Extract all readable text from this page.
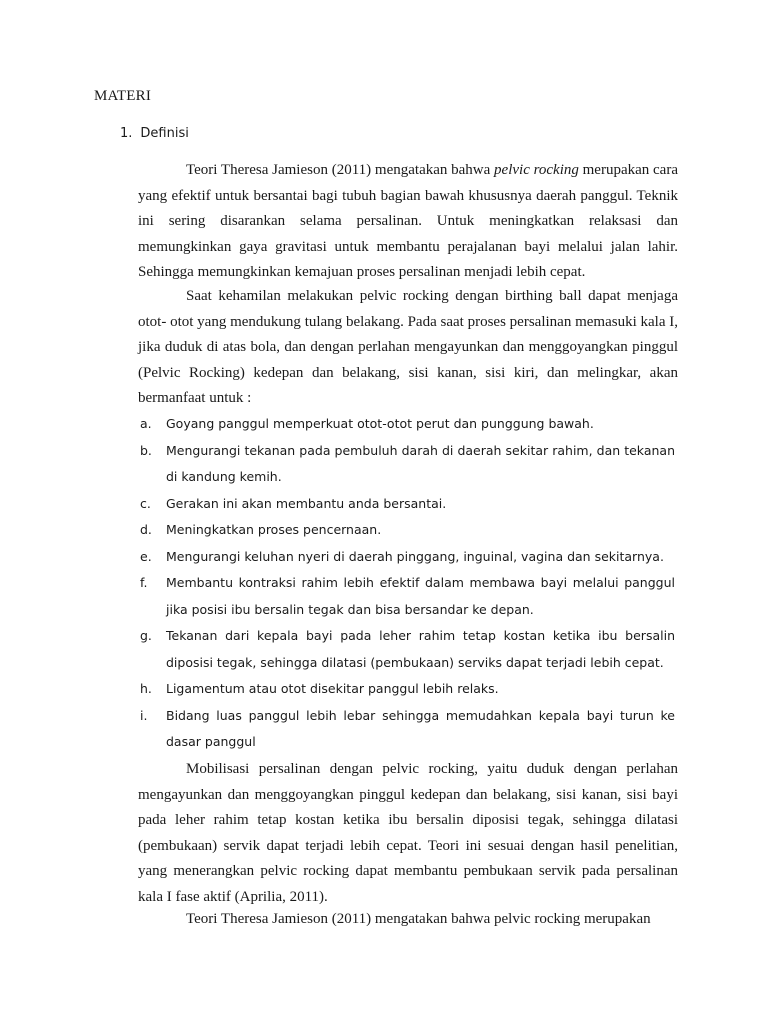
MATERI
1. Definisi

Teori Theresa Jamieson (2011) mengatakan bahwa pelvic rocking merupakan cara yang efektif untuk bersantai bagi tubuh bagian bawah khususnya daerah panggul. Teknik ini sering disarankan selama persalinan. Untuk meningkatkan relaksasi dan memungkinkan gaya gravitasi untuk membantu perajalanan bayi melalui jalan lahir. Sehingga memungkinkan kemajuan proses persalinan menjadi lebih cepat.

Saat kehamilan melakukan pelvic rocking dengan birthing ball dapat menjaga otot- otot yang mendukung tulang belakang. Pada saat proses persalinan memasuki kala I, jika duduk di atas bola, dan dengan perlahan mengayunkan dan menggoyangkan pinggul (Pelvic Rocking) kedepan dan belakang, sisi kanan, sisi kiri, dan melingkar, akan bermanfaat untuk :

a. Goyang panggul memperkuat otot-otot perut dan punggung bawah.
b. Mengurangi tekanan pada pembuluh darah di daerah sekitar rahim, dan tekanan di kandung kemih.
c. Gerakan ini akan membantu anda bersantai.
d. Meningkatkan proses pencernaan.
e. Mengurangi keluhan nyeri di daerah pinggang, inguinal, vagina dan sekitarnya.
f. Membantu kontraksi rahim lebih efektif dalam membawa bayi melalui panggul jika posisi ibu bersalin tegak dan bisa bersandar ke depan.
g. Tekanan dari kepala bayi pada leher rahim tetap kostan ketika ibu bersalin diposisi tegak, sehingga dilatasi (pembukaan) serviks dapat terjadi lebih cepat.
h. Ligamentum atau otot disekitar panggul lebih relaks.
i. Bidang luas panggul lebih lebar sehingga memudahkan kepala bayi turun ke dasar panggul

Mobilisasi persalinan dengan pelvic rocking, yaitu duduk dengan perlahan mengayunkan dan menggoyangkan pinggul kedepan dan belakang, sisi kanan, sisi bayi pada leher rahim tetap kostan ketika ibu bersalin diposisi tegak, sehingga dilatasi (pembukaan) servik dapat terjadi lebih cepat. Teori ini sesuai dengan hasil penelitian, yang menerangkan pelvic rocking dapat membantu pembukaan servik pada persalinan kala I fase aktif (Aprilia, 2011).

Teori Theresa Jamieson (2011) mengatakan bahwa pelvic rocking merupakan
